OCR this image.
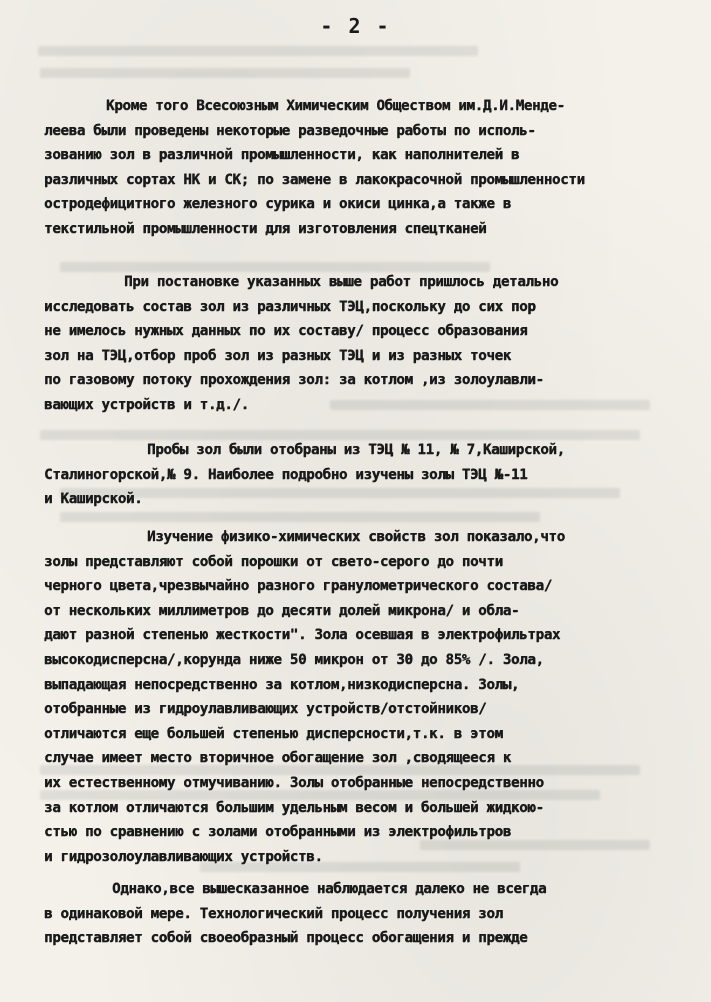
- 2 -
Кроме того Всесоюзным Химическим Обществом им.Д.И.Менде-
леева были проведены некоторые разведочные работы по исполь-
зованию зол в различной промышленности, как наполнителей в
различных сортах НК и СК; по замене в лакокрасочной промышленности
остродефицитного железного сурика и окиси цинка,а также в
текстильной промышленности для изготовления спецтканей
При постановке указанных выше работ пришлось детально
исследовать состав зол из различных ТЭЦ,поскольку до сих пор
не имелось нужных данных по их составу/ процесс образования
зол на ТЭЦ,отбор проб зол из разных ТЭЦ и из разных точек
по газовому потоку прохождения зол: за котлом ,из золоулавли-
вающих устройств и т.д./.
Пробы зол были отобраны из ТЭЦ № 11, № 7,Каширской,
Сталиногорской,№ 9. Наиболее подробно изучены золы ТЭЦ №-11
и Каширской.
Изучение физико-химических свойств зол показало,что
золы представляют собой порошки от свето-серого до почти
черного цвета,чрезвычайно разного гранулометрического состава/
от нескольких миллиметров до десяти долей микрона/ и обла-
дают разной степенью жесткости". Зола осевшая в электрофильтрах
высокодисперсна/,корунда ниже 50 микрон от 30 до 85% /. Зола,
выпадающая непосредственно за котлом,низкодисперсна. Золы,
отобранные из гидроулавливающих устройств/отстойников/
отличаются еще большей степенью дисперсности,т.к. в этом
случае имеет место вторичное обогащение зол ,сводящееся к
их естественному отмучиванию. Золы отобранные непосредственно
за котлом отличаются большим удельным весом и большей жидкою-
стью по сравнению с золами отобранными из электрофильтров
и гидрозолоулавливающих устройств.
Однако,все вышесказанное наблюдается далеко не всегда
в одинаковой мере. Технологический процесс получения зол
представляет собой своеобразный процесс обогащения и прежде
